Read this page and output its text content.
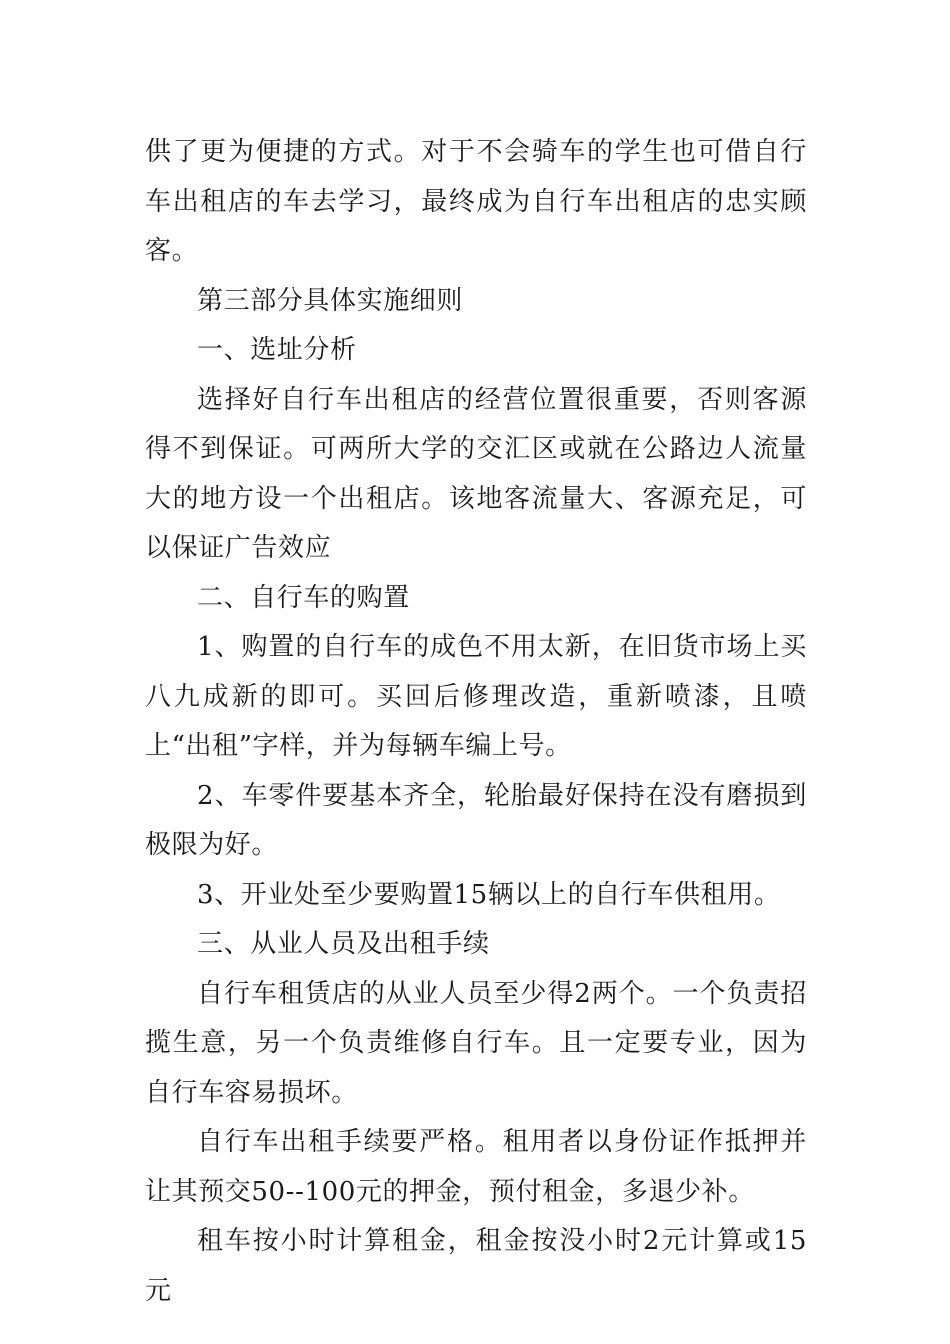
供了更为便捷的方式。对于不会骑车的学生也可借自行车出租店的车去学习，最终成为自行车出租店的忠实顾客。

第三部分具体实施细则

一、选址分析

选择好自行车出租店的经营位置很重要，否则客源得不到保证。可两所大学的交汇区或就在公路边人流量大的地方设一个出租店。该地客流量大、客源充足，可以保证广告效应

二、自行车的购置

1、购置的自行车的成色不用太新，在旧货市场上买八九成新的即可。买回后修理改造，重新喷漆，且喷上“出租”字样，并为每辆车编上号。

2、车零件要基本齐全，轮胎最好保持在没有磨损到极限为好。

3、开业处至少要购置15辆以上的自行车供租用。

三、从业人员及出租手续

自行车租赁店的从业人员至少得2两个。一个负责招揽生意，另一个负责维修自行车。且一定要专业，因为自行车容易损坏。

自行车出租手续要严格。租用者以身份证作抵押并让其预交50--100元的押金，预付租金，多退少补。

租车按小时计算租金，租金按没小时2元计算或15元
